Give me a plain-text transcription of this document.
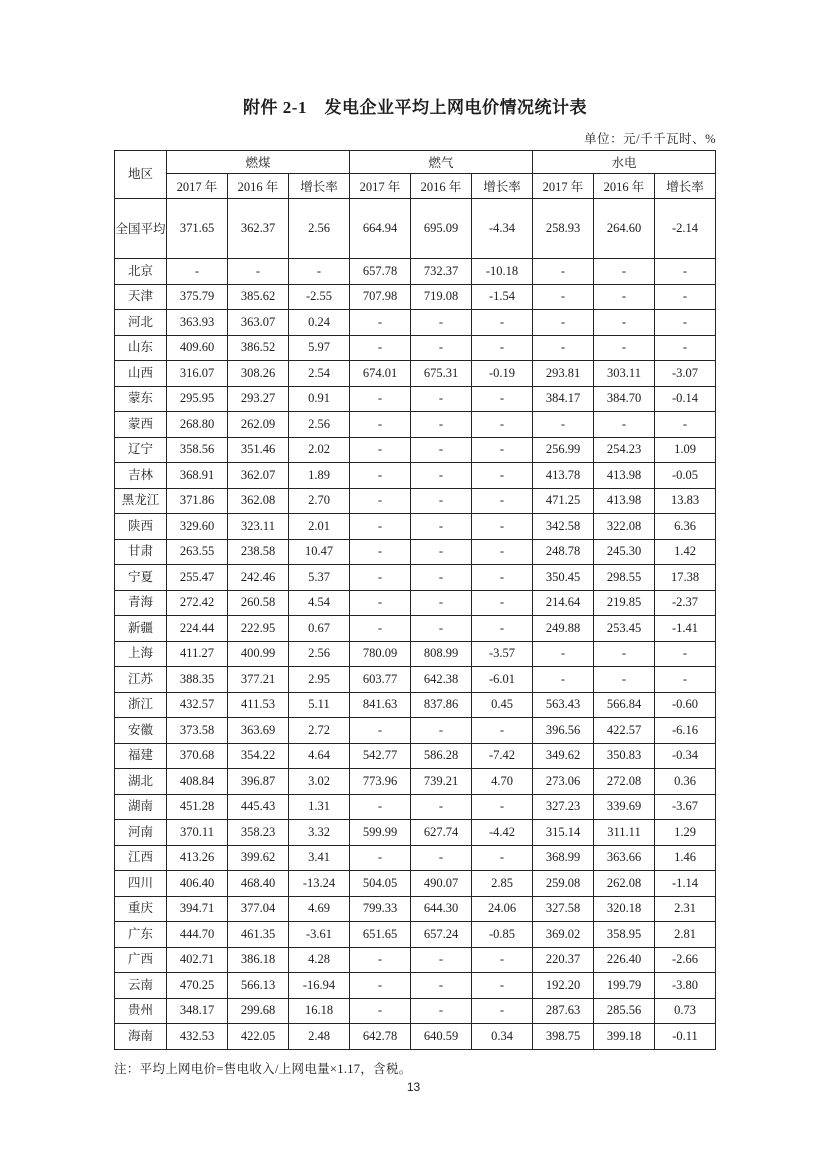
附件 2-1　发电企业平均上网电价情况统计表
单位：元/千千瓦时、%
地区	燃煤			燃气			水电		
	2017 年	2016 年	增长率	2017 年	2016 年	增长率	2017 年	2016 年	增长率
全国平均	371.65	362.37	2.56	664.94	695.09	-4.34	258.93	264.60	-2.14
北京	-	-	-	657.78	732.37	-10.18	-	-	-
天津	375.79	385.62	-2.55	707.98	719.08	-1.54	-	-	-
河北	363.93	363.07	0.24	-	-	-	-	-	-
山东	409.60	386.52	5.97	-	-	-	-	-	-
山西	316.07	308.26	2.54	674.01	675.31	-0.19	293.81	303.11	-3.07
蒙东	295.95	293.27	0.91	-	-	-	384.17	384.70	-0.14
蒙西	268.80	262.09	2.56	-	-	-	-	-	-
辽宁	358.56	351.46	2.02	-	-	-	256.99	254.23	1.09
吉林	368.91	362.07	1.89	-	-	-	413.78	413.98	-0.05
黑龙江	371.86	362.08	2.70	-	-	-	471.25	413.98	13.83
陕西	329.60	323.11	2.01	-	-	-	342.58	322.08	6.36
甘肃	263.55	238.58	10.47	-	-	-	248.78	245.30	1.42
宁夏	255.47	242.46	5.37	-	-	-	350.45	298.55	17.38
青海	272.42	260.58	4.54	-	-	-	214.64	219.85	-2.37
新疆	224.44	222.95	0.67	-	-	-	249.88	253.45	-1.41
上海	411.27	400.99	2.56	780.09	808.99	-3.57	-	-	-
江苏	388.35	377.21	2.95	603.77	642.38	-6.01	-	-	-
浙江	432.57	411.53	5.11	841.63	837.86	0.45	563.43	566.84	-0.60
安徽	373.58	363.69	2.72	-	-	-	396.56	422.57	-6.16
福建	370.68	354.22	4.64	542.77	586.28	-7.42	349.62	350.83	-0.34
湖北	408.84	396.87	3.02	773.96	739.21	4.70	273.06	272.08	0.36
湖南	451.28	445.43	1.31	-	-	-	327.23	339.69	-3.67
河南	370.11	358.23	3.32	599.99	627.74	-4.42	315.14	311.11	1.29
江西	413.26	399.62	3.41	-	-	-	368.99	363.66	1.46
四川	406.40	468.40	-13.24	504.05	490.07	2.85	259.08	262.08	-1.14
重庆	394.71	377.04	4.69	799.33	644.30	24.06	327.58	320.18	2.31
广东	444.70	461.35	-3.61	651.65	657.24	-0.85	369.02	358.95	2.81
广西	402.71	386.18	4.28	-	-	-	220.37	226.40	-2.66
云南	470.25	566.13	-16.94	-	-	-	192.20	199.79	-3.80
贵州	348.17	299.68	16.18	-	-	-	287.63	285.56	0.73
海南	432.53	422.05	2.48	642.78	640.59	0.34	398.75	399.18	-0.11
注：平均上网电价=售电收入/上网电量×1.17，含税。
13
